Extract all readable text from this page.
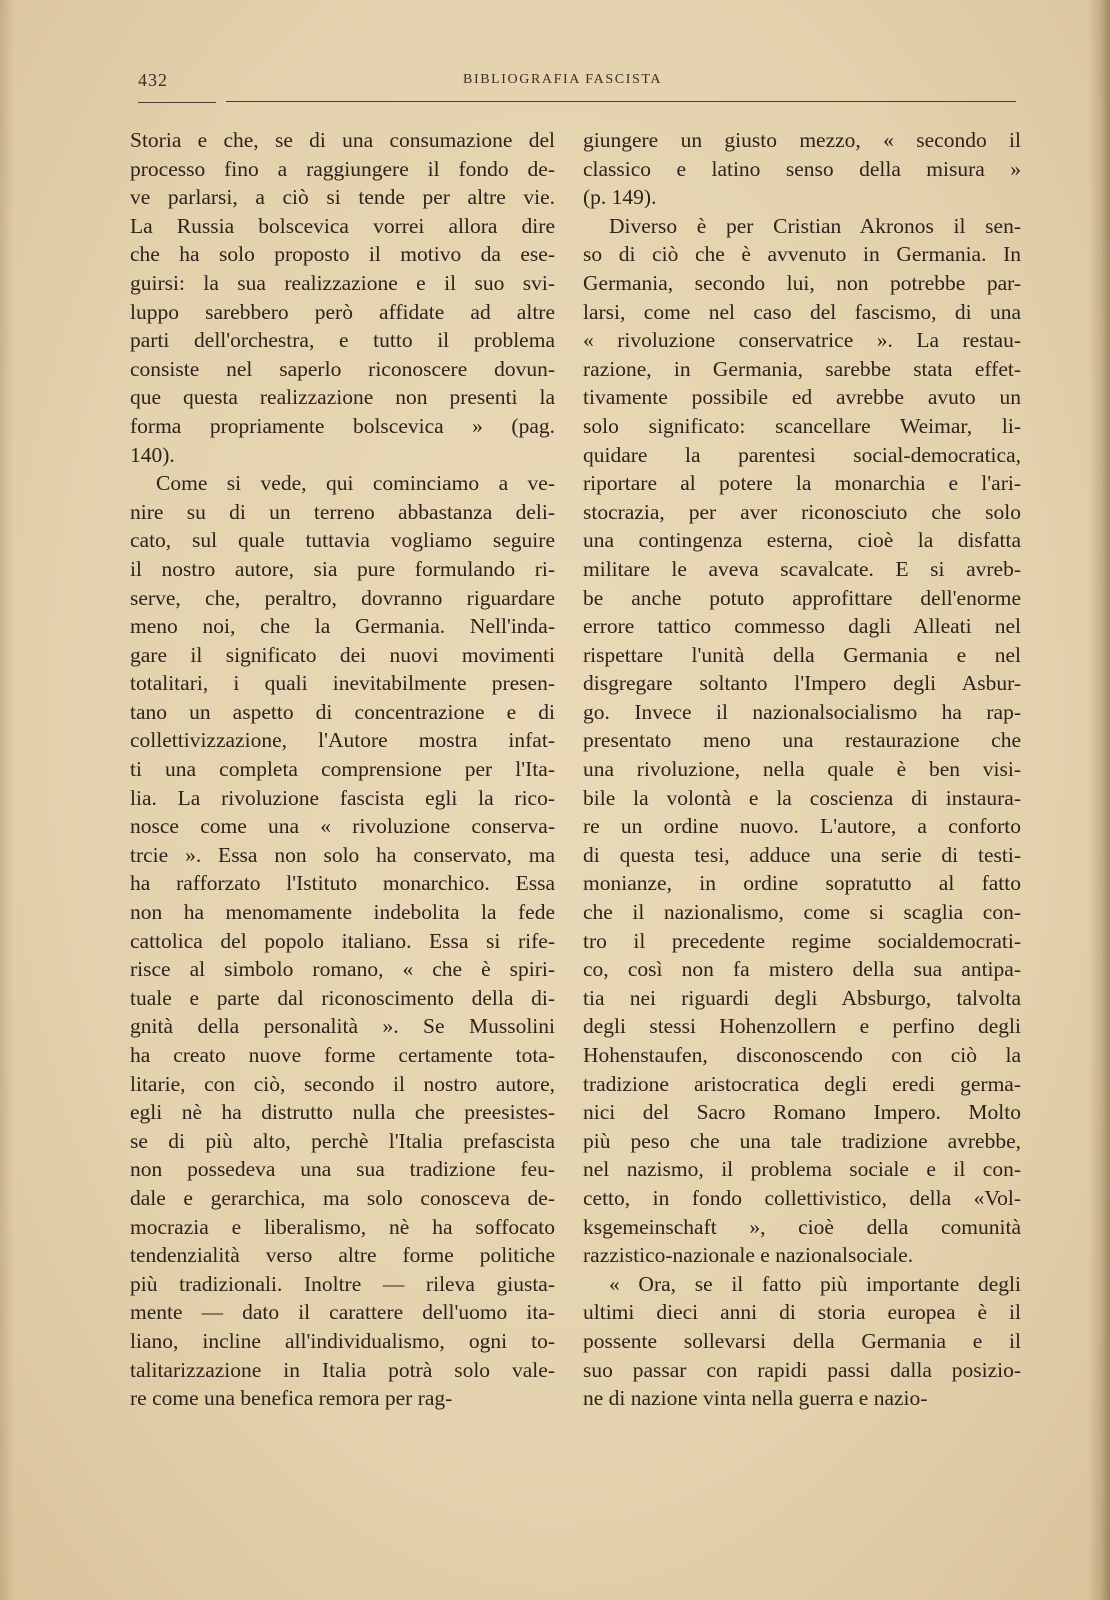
432	BIBLIOGRAFIA FASCISTA
Storia e che, se di una consumazione del
processo fino a raggiungere il fondo de-
ve parlarsi, a ciò si tende per altre vie.
La Russia bolscevica vorrei allora dire
che ha solo proposto il motivo da ese-
guirsi: la sua realizzazione e il suo svi-
luppo sarebbero però affidate ad altre
parti dell'orchestra, e tutto il problema
consiste nel saperlo riconoscere dovun-
que questa realizzazione non presenti la
forma propriamente bolscevica » (pag.
140).
Come si vede, qui cominciamo a ve-
nire su di un terreno abbastanza deli-
cato, sul quale tuttavia vogliamo seguire
il nostro autore, sia pure formulando ri-
serve, che, peraltro, dovranno riguardare
meno noi, che la Germania. Nell'inda-
gare il significato dei nuovi movimenti
totalitari, i quali inevitabilmente presen-
tano un aspetto di concentrazione e di
collettivizzazione, l'Autore mostra infat-
ti una completa comprensione per l'Ita-
lia. La rivoluzione fascista egli la rico-
nosce come una « rivoluzione conserva-
trcie ». Essa non solo ha conservato, ma
ha rafforzato l'Istituto monarchico. Essa
non ha menomamente indebolita la fede
cattolica del popolo italiano. Essa si rife-
risce al simbolo romano, « che è spiri-
tuale e parte dal riconoscimento della di-
gnità della personalità ». Se Mussolini
ha creato nuove forme certamente tota-
litarie, con ciò, secondo il nostro autore,
egli nè ha distrutto nulla che preesistes-
se di più alto, perchè l'Italia prefascista
non possedeva una sua tradizione feu-
dale e gerarchica, ma solo conosceva de-
mocrazia e liberalismo, nè ha soffocato
tendenzialità verso altre forme politiche
più tradizionali. Inoltre — rileva giusta-
mente — dato il carattere dell'uomo ita-
liano, incline all'individualismo, ogni to-
talitarizzazione in Italia potrà solo vale-
re come una benefica remora per rag-
giungere un giusto mezzo, « secondo il
classico e latino senso della misura »
(p. 149).
Diverso è per Cristian Akronos il sen-
so di ciò che è avvenuto in Germania. In
Germania, secondo lui, non potrebbe par-
larsi, come nel caso del fascismo, di una
« rivoluzione conservatrice ». La restau-
razione, in Germania, sarebbe stata effet-
tivamente possibile ed avrebbe avuto un
solo significato: scancellare Weimar, li-
quidare la parentesi social-democratica,
riportare al potere la monarchia e l'ari-
stocrazia, per aver riconosciuto che solo
una contingenza esterna, cioè la disfatta
militare le aveva scavalcate. E si avreb-
be anche potuto approfittare dell'enorme
errore tattico commesso dagli Alleati nel
rispettare l'unità della Germania e nel
disgregare soltanto l'Impero degli Asbur-
go. Invece il nazionalsocialismo ha rap-
presentato meno una restaurazione che
una rivoluzione, nella quale è ben visi-
bile la volontà e la coscienza di instaura-
re un ordine nuovo. L'autore, a conforto
di questa tesi, adduce una serie di testi-
monianze, in ordine sopratutto al fatto
che il nazionalismo, come si scaglia con-
tro il precedente regime socialdemocrati-
co, così non fa mistero della sua antipa-
tia nei riguardi degli Absburgo, talvolta
degli stessi Hohenzollern e perfino degli
Hohenstaufen, disconoscendo con ciò la
tradizione aristocratica degli eredi germa-
nici del Sacro Romano Impero. Molto
più peso che una tale tradizione avrebbe,
nel nazismo, il problema sociale e il con-
cetto, in fondo collettivistico, della «Vol-
ksgemeinschaft », cioè della comunità
razzistico-nazionale e nazionalsociale.
« Ora, se il fatto più importante degli
ultimi dieci anni di storia europea è il
possente sollevarsi della Germania e il
suo passar con rapidi passi dalla posizio-
ne di nazione vinta nella guerra e nazio-
